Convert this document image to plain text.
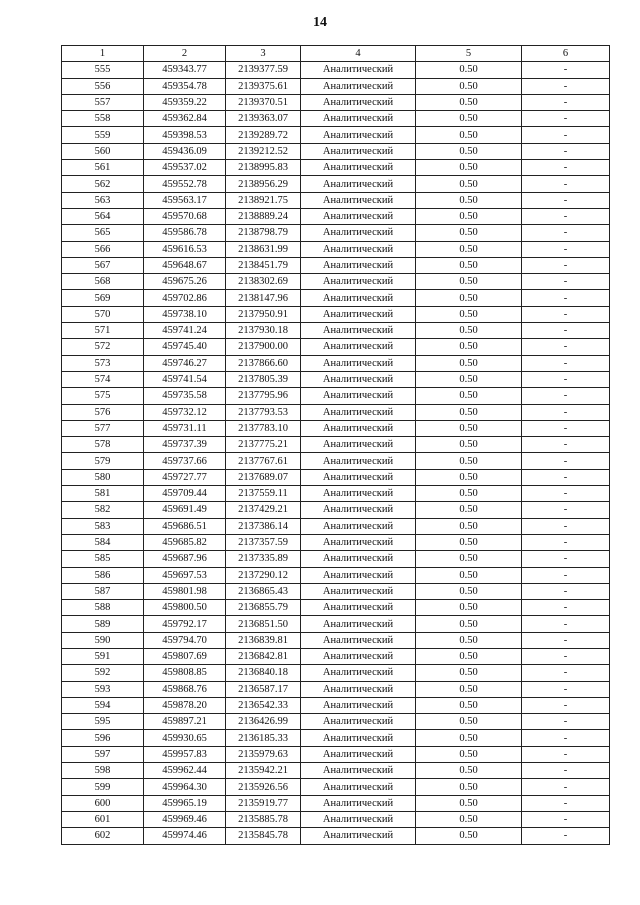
14
1	2	3	4	5	6
555	459343.77	2139377.59	Аналитический	0.50	-
556	459354.78	2139375.61	Аналитический	0.50	-
557	459359.22	2139370.51	Аналитический	0.50	-
558	459362.84	2139363.07	Аналитический	0.50	-
559	459398.53	2139289.72	Аналитический	0.50	-
560	459436.09	2139212.52	Аналитический	0.50	-
561	459537.02	2138995.83	Аналитический	0.50	-
562	459552.78	2138956.29	Аналитический	0.50	-
563	459563.17	2138921.75	Аналитический	0.50	-
564	459570.68	2138889.24	Аналитический	0.50	-
565	459586.78	2138798.79	Аналитический	0.50	-
566	459616.53	2138631.99	Аналитический	0.50	-
567	459648.67	2138451.79	Аналитический	0.50	-
568	459675.26	2138302.69	Аналитический	0.50	-
569	459702.86	2138147.96	Аналитический	0.50	-
570	459738.10	2137950.91	Аналитический	0.50	-
571	459741.24	2137930.18	Аналитический	0.50	-
572	459745.40	2137900.00	Аналитический	0.50	-
573	459746.27	2137866.60	Аналитический	0.50	-
574	459741.54	2137805.39	Аналитический	0.50	-
575	459735.58	2137795.96	Аналитический	0.50	-
576	459732.12	2137793.53	Аналитический	0.50	-
577	459731.11	2137783.10	Аналитический	0.50	-
578	459737.39	2137775.21	Аналитический	0.50	-
579	459737.66	2137767.61	Аналитический	0.50	-
580	459727.77	2137689.07	Аналитический	0.50	-
581	459709.44	2137559.11	Аналитический	0.50	-
582	459691.49	2137429.21	Аналитический	0.50	-
583	459686.51	2137386.14	Аналитический	0.50	-
584	459685.82	2137357.59	Аналитический	0.50	-
585	459687.96	2137335.89	Аналитический	0.50	-
586	459697.53	2137290.12	Аналитический	0.50	-
587	459801.98	2136865.43	Аналитический	0.50	-
588	459800.50	2136855.79	Аналитический	0.50	-
589	459792.17	2136851.50	Аналитический	0.50	-
590	459794.70	2136839.81	Аналитический	0.50	-
591	459807.69	2136842.81	Аналитический	0.50	-
592	459808.85	2136840.18	Аналитический	0.50	-
593	459868.76	2136587.17	Аналитический	0.50	-
594	459878.20	2136542.33	Аналитический	0.50	-
595	459897.21	2136426.99	Аналитический	0.50	-
596	459930.65	2136185.33	Аналитический	0.50	-
597	459957.83	2135979.63	Аналитический	0.50	-
598	459962.44	2135942.21	Аналитический	0.50	-
599	459964.30	2135926.56	Аналитический	0.50	-
600	459965.19	2135919.77	Аналитический	0.50	-
601	459969.46	2135885.78	Аналитический	0.50	-
602	459974.46	2135845.78	Аналитический	0.50	-
